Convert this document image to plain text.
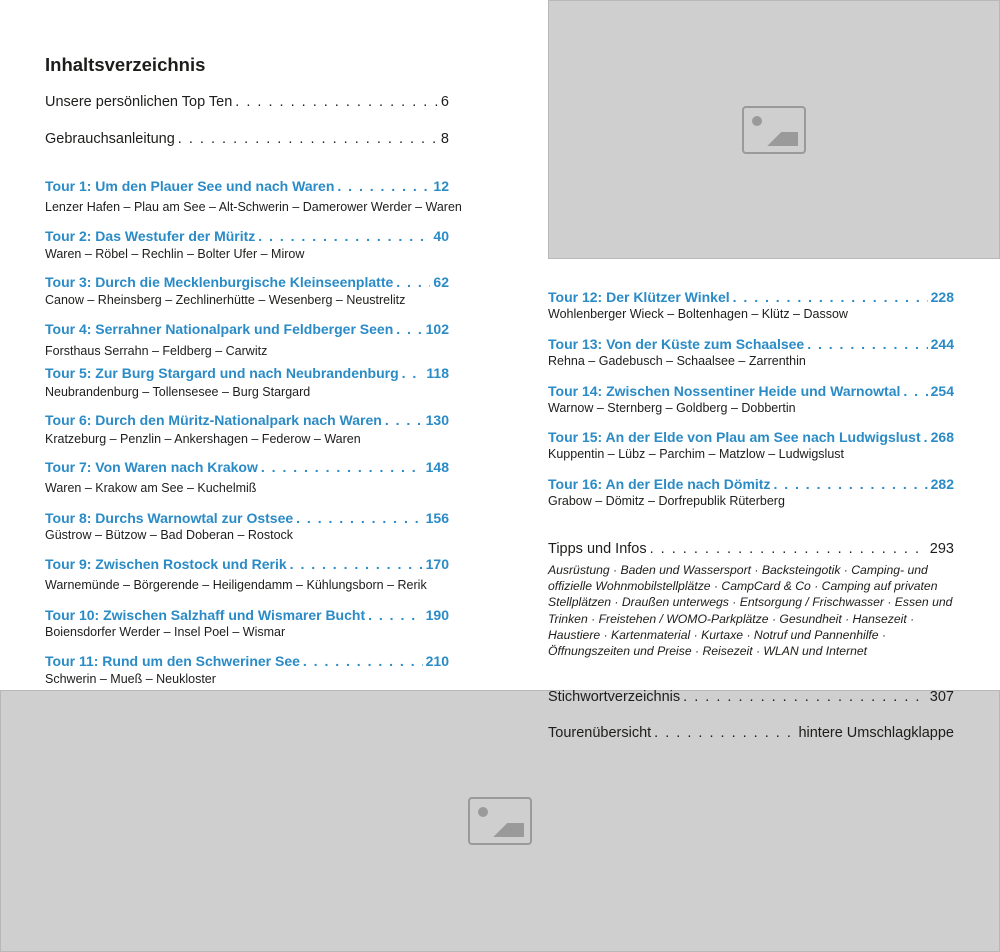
Inhaltsverzeichnis
Unsere persönlichen Top Ten . . .	6
Gebrauchsanleitung . . .	8
Tour 1: Um den Plauer See und nach Waren . . .	12
Lenzer Hafen – Plau am See – Alt-Schwerin – Damerower Werder – Waren
Tour 2: Das Westufer der Müritz . . .	40
Waren – Röbel – Rechlin – Bolter Ufer – Mirow
Tour 3: Durch die Mecklenburgische Kleinseenplatte . . .	62
Canow – Rheinsberg – Zechlinerhütte – Wesenberg – Neustrelitz
Tour 4: Serrahner Nationalpark und Feldberger Seen . . . 102
Forsthaus Serrahn – Feldberg – Carwitz
Tour 5: Zur Burg Stargard und nach Neubrandenburg . . . 118
Neubrandenburg – Tollensesee – Burg Stargard
Tour 6: Durch den Müritz-Nationalpark nach Waren . . .	130
Kratzeburg – Penzlin – Ankershagen – Federow – Waren
Tour 7: Von Waren nach Krakow . . .	148
Waren – Krakow am See – Kuchelmiß
Tour 8: Durchs Warnowtal zur Ostsee . . .	156
Güstrow – Bützow – Bad Doberan – Rostock
Tour 9: Zwischen Rostock und Rerik . . .	170
Warnemünde – Börgerende – Heiligendamm – Kühlungsborn – Rerik
Tour 10: Zwischen Salzhaff und Wismarer Bucht . . .	190
Boiensdorfer Werder – Insel Poel – Wismar
Tour 11: Rund um den Schweriner See . . .	210
Schwerin – Mueß – Neukloster
Tour 12: Der Klützer Winkel . . .	228
Wohlenberger Wieck – Boltenhagen – Klütz – Dassow
Tour 13: Von der Küste zum Schaalsee . . .	244
Rehna – Gadebusch – Schaalsee – Zarrenthin
Tour 14: Zwischen Nossentiner Heide und Warnowtal . . . 254
Warnow – Sternberg – Goldberg – Dobbertin
Tour 15: An der Elde von Plau am See nach Ludwigslust . . . 268
Kuppentin – Lübz – Parchim – Matzlow – Ludwigslust
Tour 16: An der Elde nach Dömitz . . .	282
Grabow – Dömitz – Dorfrepublik Rüterberg
Tipps und Infos . . .	293

Ausrüstung · Baden und Wassersport · Backsteingotik · Camping- und offizielle Wohnmobilstellplätze · CampCard & Co · Camping auf privaten Stellplätzen · Draußen unterwegs · Entsorgung / Frischwasser · Essen und Trinken · Freistehen / WOMO-Parkplätze · Gesundheit · Hansezeit · Haustiere · Kartenmaterial · Kurtaxe · Notruf und Pannenhilfe · Öffnungszeiten und Preise · Reisezeit · WLAN und Internet

Stichwortverzeichnis . . .	307
Tourenübersicht . . .	hintere Umschlagklappe
